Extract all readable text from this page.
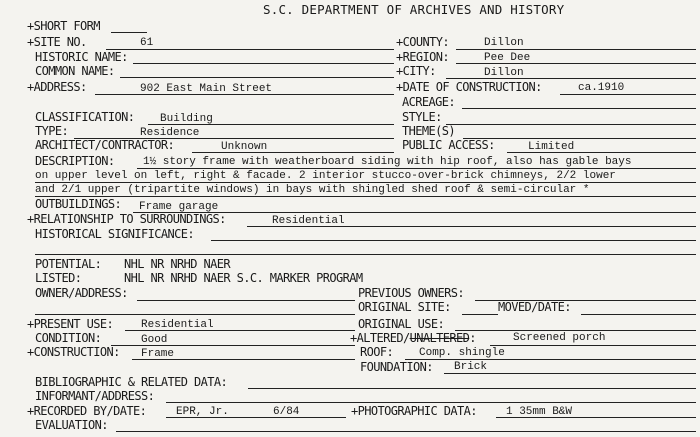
S.C. DEPARTMENT OF ARCHIVES AND HISTORY
+SHORT FORM
+SITE NO.	61	+COUNTY:	Dillon
HISTORIC NAME:	+REGION:	Pee Dee
COMMON NAME:	+CITY:	Dillon
+ADDRESS:	902 East Main Street	+DATE OF CONSTRUCTION:	ca.1910
ACREAGE:
CLASSIFICATION: Building	STYLE:
TYPE:	Residence	THEME(S)
ARCHITECT/CONTRACTOR:	Unknown	PUBLIC ACCESS:	Limited
DESCRIPTION:	1½ story frame with weatherboard siding with hip roof, also has gable bays
on upper level on left, right & facade. 2 interior stucco-over-brick chimneys, 2/2 lower
and 2/1 upper (tripartite windows) in bays with shingled shed roof & semi-circular *
OUTBUILDINGS: Frame garage
+RELATIONSHIP TO SURROUNDINGS:	Residential
HISTORICAL SIGNIFICANCE:
POTENTIAL: NHL NR NRHD NAER
LISTED:	NHL NR NRHD NAER S.C. MARKER PROGRAM
OWNER/ADDRESS:	PREVIOUS OWNERS:
ORIGINAL SITE:	MOVED/DATE:
+PRESENT USE:	Residential	ORIGINAL USE:
CONDITION:	Good	+ALTERED/UNALTERED:	Screened porch
+CONSTRUCTION: Frame	ROOF: Comp. shingle
FOUNDATION: Brick
BIBLIOGRAPHIC & RELATED DATA:
INFORMANT/ADDRESS:
+RECORDED BY/DATE:	EPR, Jr.	6/84	+PHOTOGRAPHIC DATA:	1 35mm B&W
EVALUATION:
